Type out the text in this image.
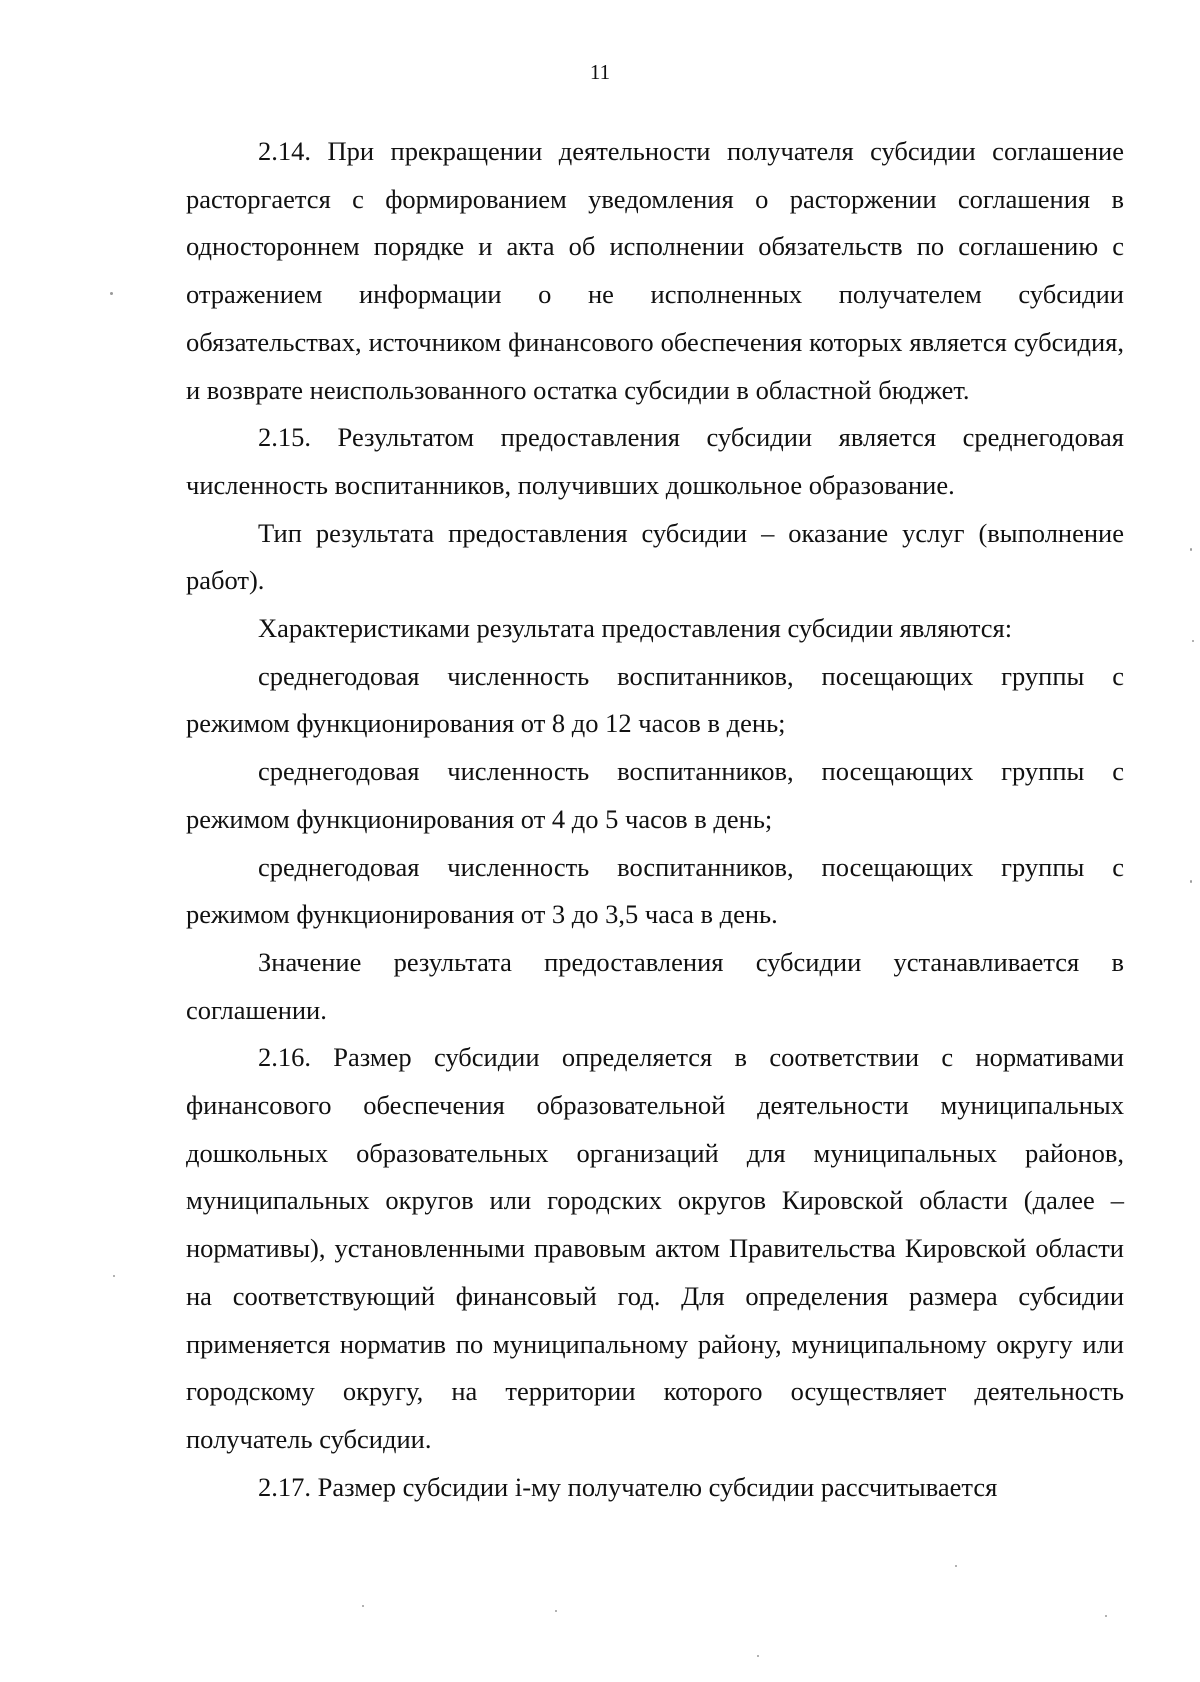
11

2.14. При прекращении деятельности получателя субсидии соглашение расторгается с формированием уведомления о расторжении соглашения в одностороннем порядке и акта об исполнении обязательств по соглашению с отражением информации о не исполненных получателем субсидии обязательствах, источником финансового обеспечения которых является субсидия, и возврате неиспользованного остатка субсидии в областной бюджет.

2.15. Результатом предоставления субсидии является среднегодовая численность воспитанников, получивших дошкольное образование.

Тип результата предоставления субсидии – оказание услуг (выполнение работ).

Характеристиками результата предоставления субсидии являются:

среднегодовая численность воспитанников, посещающих группы с режимом функционирования от 8 до 12 часов в день;

среднегодовая численность воспитанников, посещающих группы с режимом функционирования от 4 до 5 часов в день;

среднегодовая численность воспитанников, посещающих группы с режимом функционирования от 3 до 3,5 часа в день.

Значение результата предоставления субсидии устанавливается в соглашении.

2.16. Размер субсидии определяется в соответствии с нормативами финансового обеспечения образовательной деятельности муниципальных дошкольных образовательных организаций для муниципальных районов, муниципальных округов или городских округов Кировской области (далее – нормативы), установленными правовым актом Правительства Кировской области на соответствующий финансовый год. Для определения размера субсидии применяется норматив по муниципальному району, муниципальному округу или городскому округу, на территории которого осуществляет деятельность получатель субсидии.

2.17. Размер субсидии i-му получателю субсидии рассчитывается
